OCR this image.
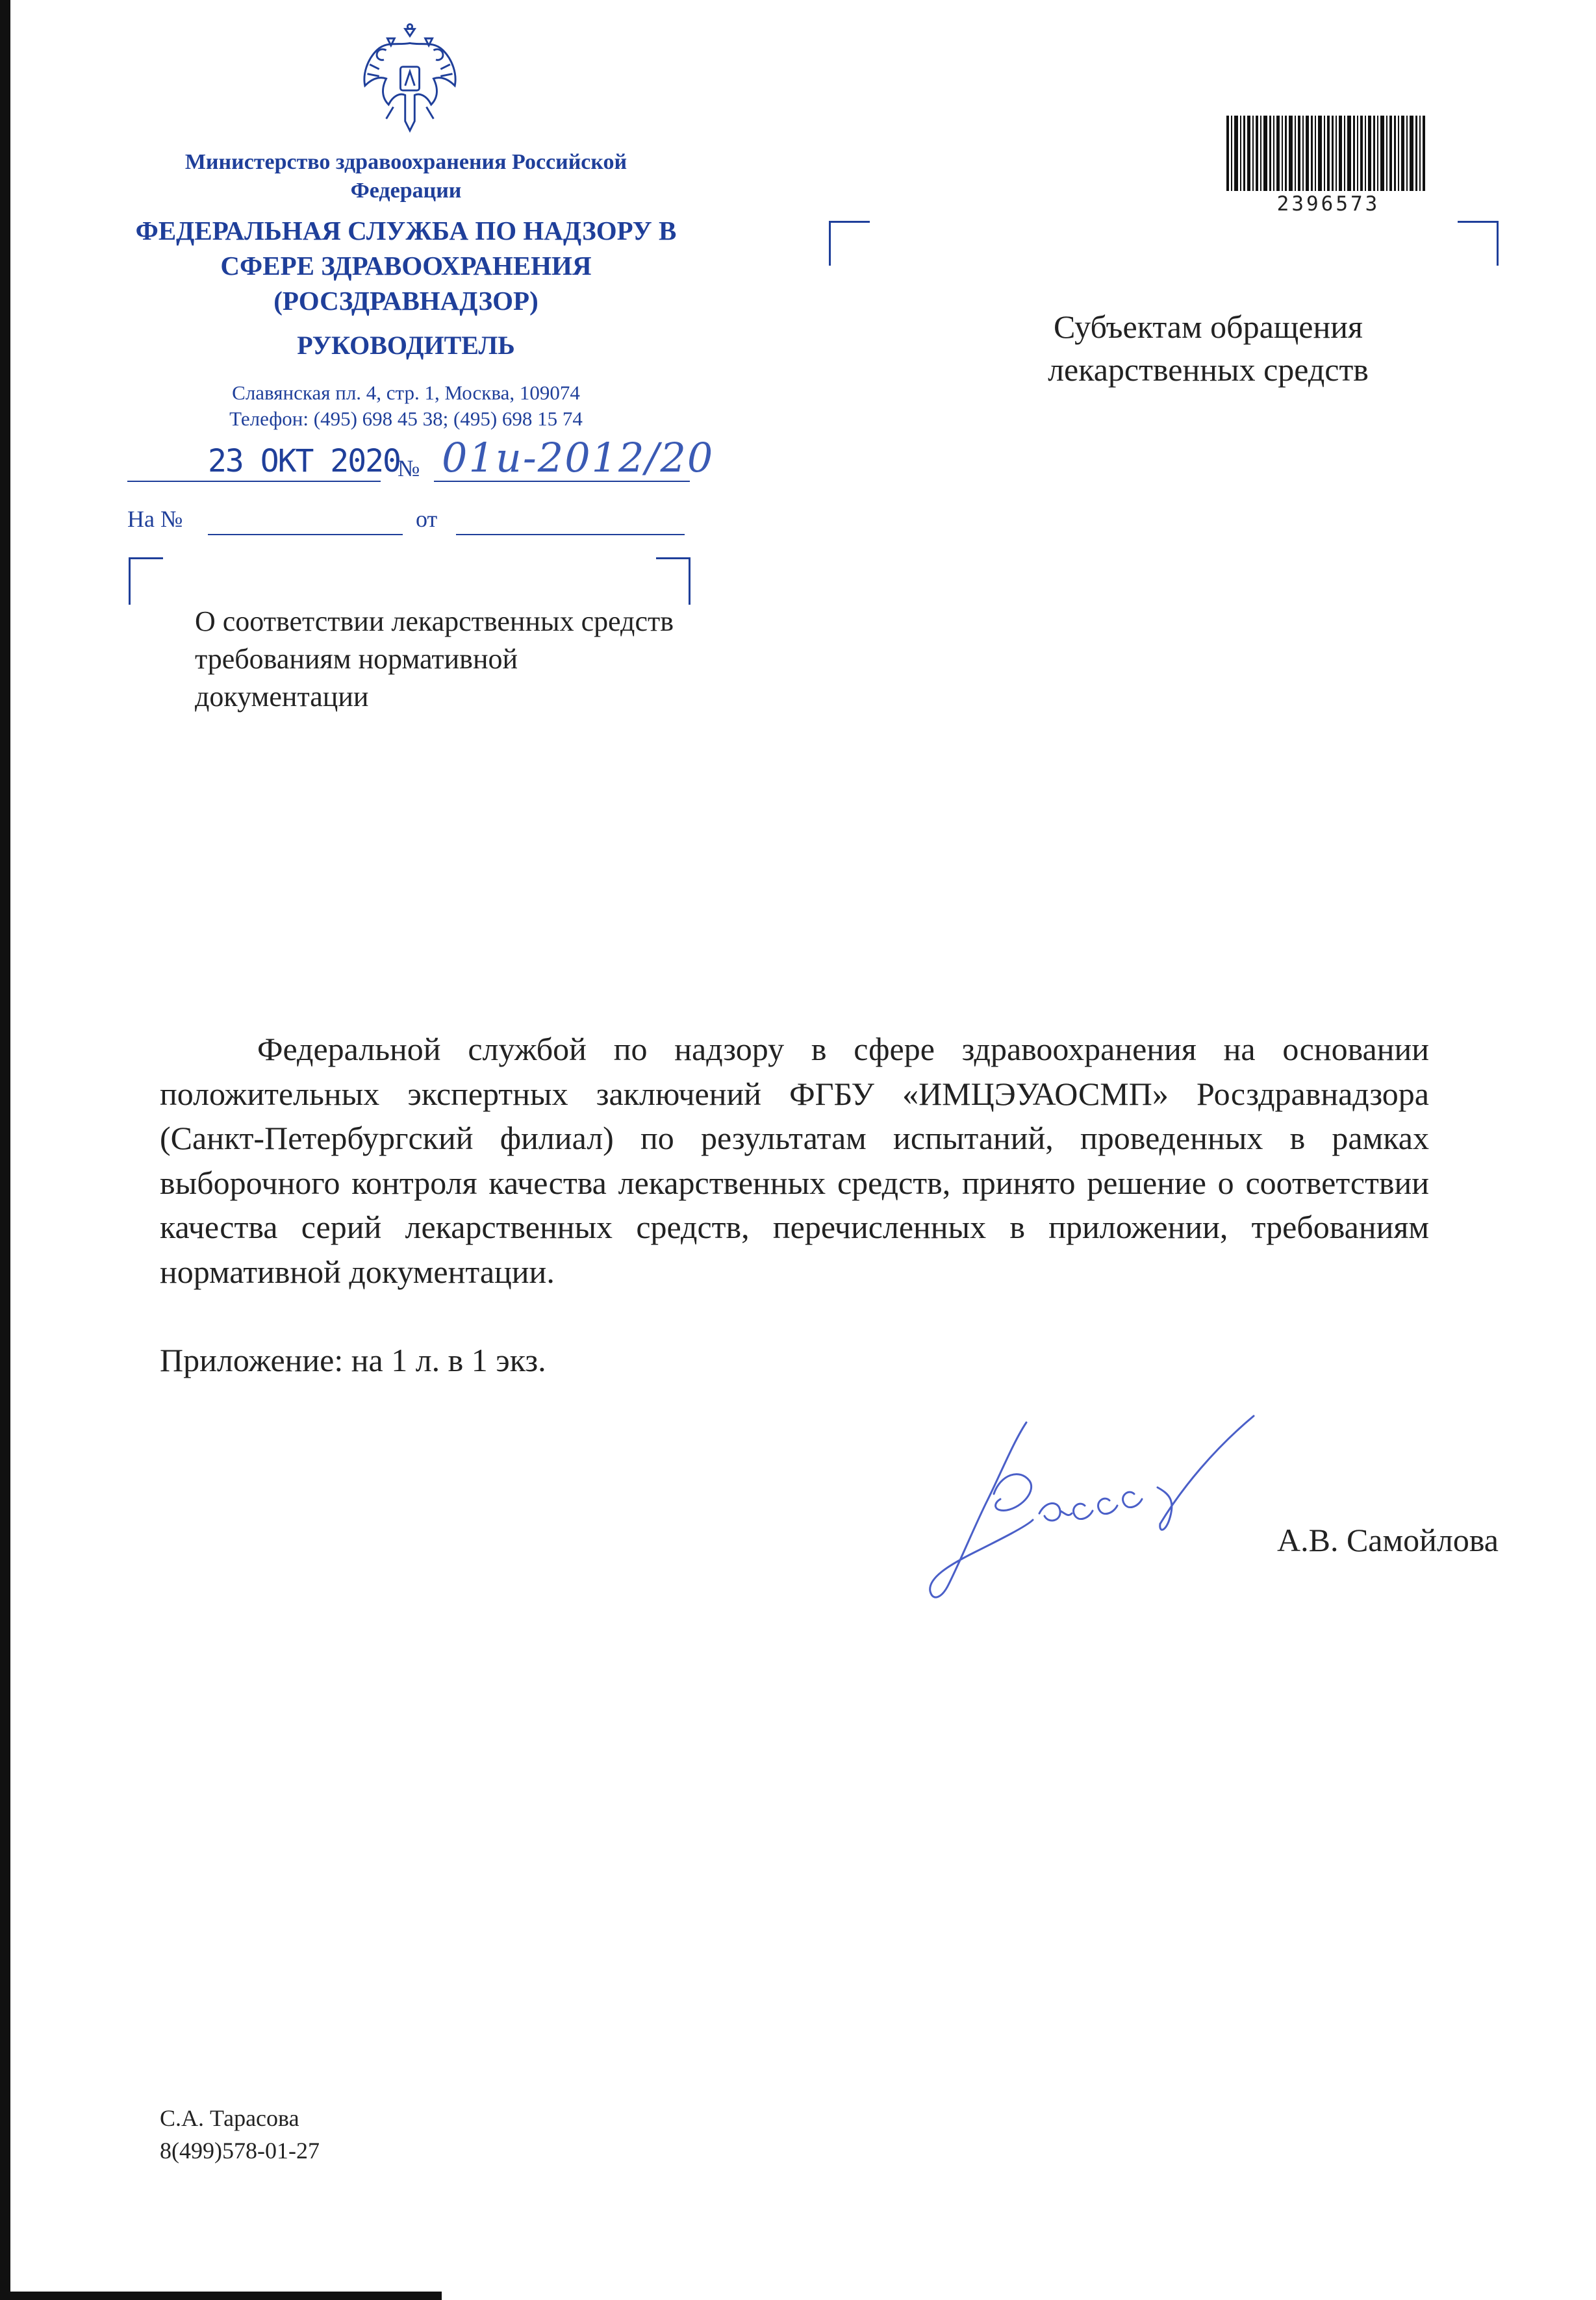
Министерство здравоохранения Российской Федерации
ФЕДЕРАЛЬНАЯ СЛУЖБА ПО НАДЗОРУ В СФЕРЕ ЗДРАВООХРАНЕНИЯ (РОСЗДРАВНАДЗОР)
РУКОВОДИТЕЛЬ
Славянская пл. 4, стр. 1, Москва, 109074
Телефон: (495) 698 45 38; (495) 698 15 74
23 ОКТ 2020
№ 01и-2012/20
На №	от
О соответствии лекарственных средств требованиям нормативной документации
2396573
Субъектам обращения лекарственных средств
Федеральной службой по надзору в сфере здравоохранения на основании положительных экспертных заключений ФГБУ «ИМЦЭУАОСМП» Росздравнадзора (Санкт-Петербургский филиал) по результатам испытаний, проведенных в рамках выборочного контроля качества лекарственных средств, принято решение о соответствии качества серий лекарственных средств, перечисленных в приложении, требованиям нормативной документации.
Приложение: на 1 л. в 1 экз.
А.В. Самойлова
С.А. Тарасова
8(499)578-01-27
